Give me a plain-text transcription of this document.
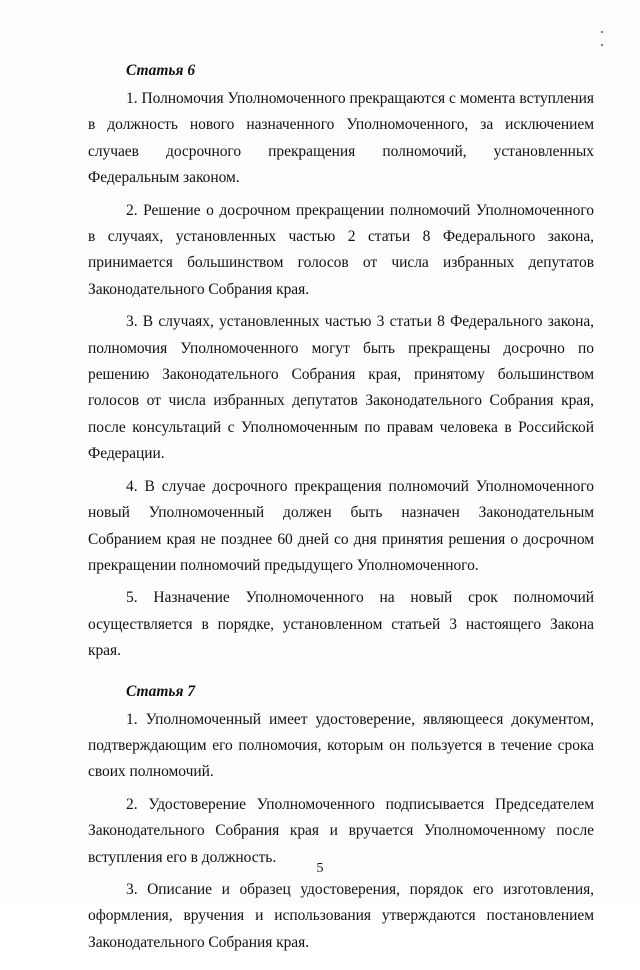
Статья 6

1. Полномочия Уполномоченного прекращаются с момента вступления в должность нового назначенного Уполномоченного, за исключением случаев досрочного прекращения полномочий, установленных Федеральным законом.

2. Решение о досрочном прекращении полномочий Уполномоченного в случаях, установленных частью 2 статьи 8 Федерального закона, принимается большинством голосов от числа избранных депутатов Законодательного Собрания края.

3. В случаях, установленных частью 3 статьи 8 Федерального закона, полномочия Уполномоченного могут быть прекращены досрочно по решению Законодательного Собрания края, принятому большинством голосов от числа избранных депутатов Законодательного Собрания края, после консультаций с Уполномоченным по правам человека в Российской Федерации.

4. В случае досрочного прекращения полномочий Уполномоченного новый Уполномоченный должен быть назначен Законодательным Собранием края не позднее 60 дней со дня принятия решения о досрочном прекращении полномочий предыдущего Уполномоченного.

5. Назначение Уполномоченного на новый срок полномочий осуществляется в порядке, установленном статьей 3 настоящего Закона края.

Статья 7

1. Уполномоченный имеет удостоверение, являющееся документом, подтверждающим его полномочия, которым он пользуется в течение срока своих полномочий.

2. Удостоверение Уполномоченного подписывается Председателем Законодательного Собрания края и вручается Уполномоченному после вступления его в должность.

3. Описание и образец удостоверения, порядок его изготовления, оформления, вручения и использования утверждаются постановлением Законодательного Собрания края.

5
